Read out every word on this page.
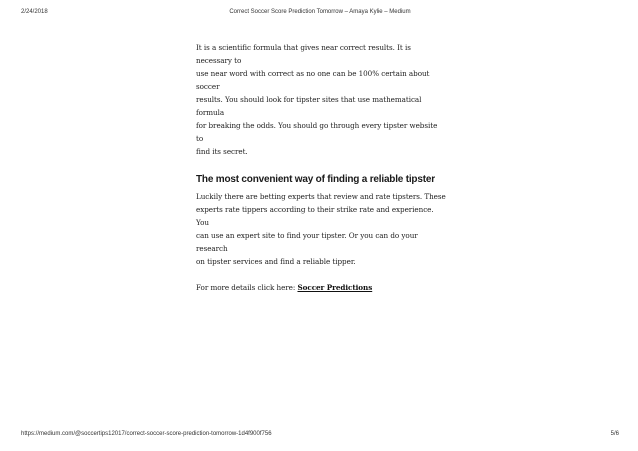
2/24/2018	Correct Soccer Score Prediction Tomorrow – Amaya Kylie – Medium

It is a scientific formula that gives near correct results. It is necessary to
use near word with correct as no one can be 100% certain about soccer
results. You should look for tipster sites that use mathematical formula
for breaking the odds. You should go through every tipster website to
find its secret.

The most convenient way of finding a reliable tipster

Luckily there are betting experts that review and rate tipsters. These
experts rate tippers according to their strike rate and experience. You
can use an expert site to find your tipster. Or you can do your research
on tipster services and find a reliable tipper.

For more details click here: Soccer Predictions

https://medium.com/@soccertips12017/correct-soccer-score-prediction-tomorrow-1d4f900f756	5/6
